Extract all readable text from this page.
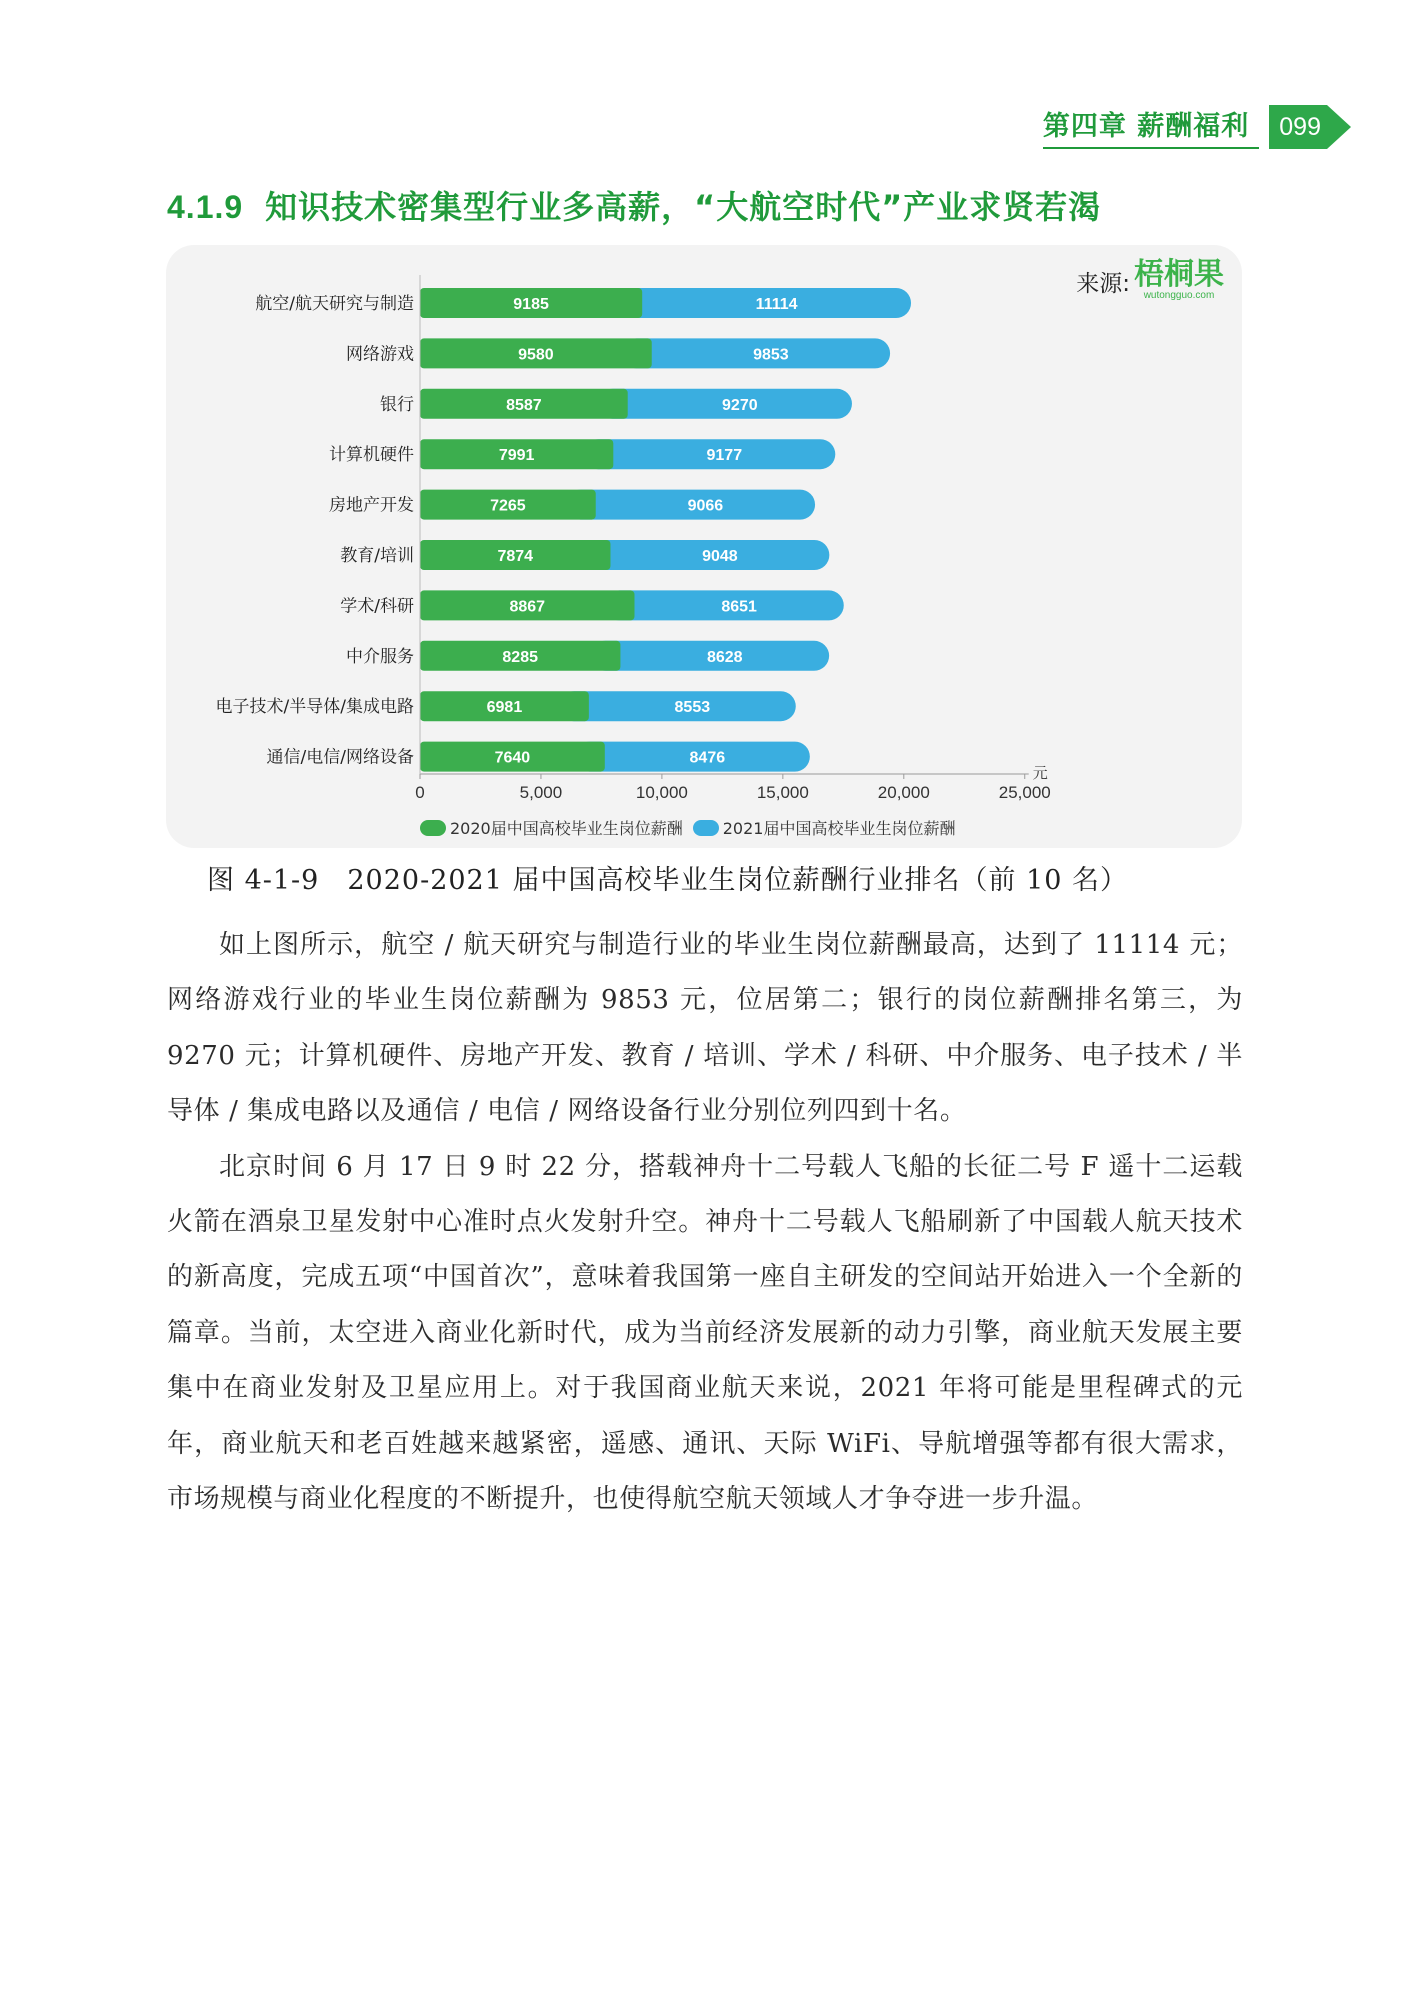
第四章 薪酬福利	099
4.1.9 知识技术密集型行业多高薪，“大航空时代”产业求贤若渴
航空/航天研究与制造	9185	11114
网络游戏	9580	9853
银行	8587	9270
计算机硬件	7991	9177
房地产开发	7265	9066
教育/培训	7874	9048
学术/科研	8867	8651
中介服务	8285	8628
电子技术/半导体/集成电路	6981	8553
通信/电信/网络设备	7640	8476
0	5,000	10,000	15,000	20,000	25,000
元
来源: 梧桐果
wutongguo.com
2020届中国高校毕业生岗位薪酬	2021届中国高校毕业生岗位薪酬
图 4-1-9　2020-2021 届中国高校毕业生岗位薪酬行业排名（前 10 名）

如上图所示，航空 / 航天研究与制造行业的毕业生岗位薪酬最高，达到了 11114 元；网络游戏行业的毕业生岗位薪酬为 9853 元，位居第二；银行的岗位薪酬排名第三，为 9270 元；计算机硬件、房地产开发、教育 / 培训、学术 / 科研、中介服务、电子技术 / 半导体 / 集成电路以及通信 / 电信 / 网络设备行业分别位列四到十名。

北京时间 6 月 17 日 9 时 22 分，搭载神舟十二号载人飞船的长征二号 F 遥十二运载火箭在酒泉卫星发射中心准时点火发射升空。神舟十二号载人飞船刷新了中国载人航天技术的新高度，完成五项“中国首次”，意味着我国第一座自主研发的空间站开始进入一个全新的篇章。当前，太空进入商业化新时代，成为当前经济发展新的动力引擎，商业航天发展主要集中在商业发射及卫星应用上。对于我国商业航天来说，2021 年将可能是里程碑式的元年，商业航天和老百姓越来越紧密，遥感、通讯、天际 WiFi、导航增强等都有很大需求，市场规模与商业化程度的不断提升，也使得航空航天领域人才争夺进一步升温。
